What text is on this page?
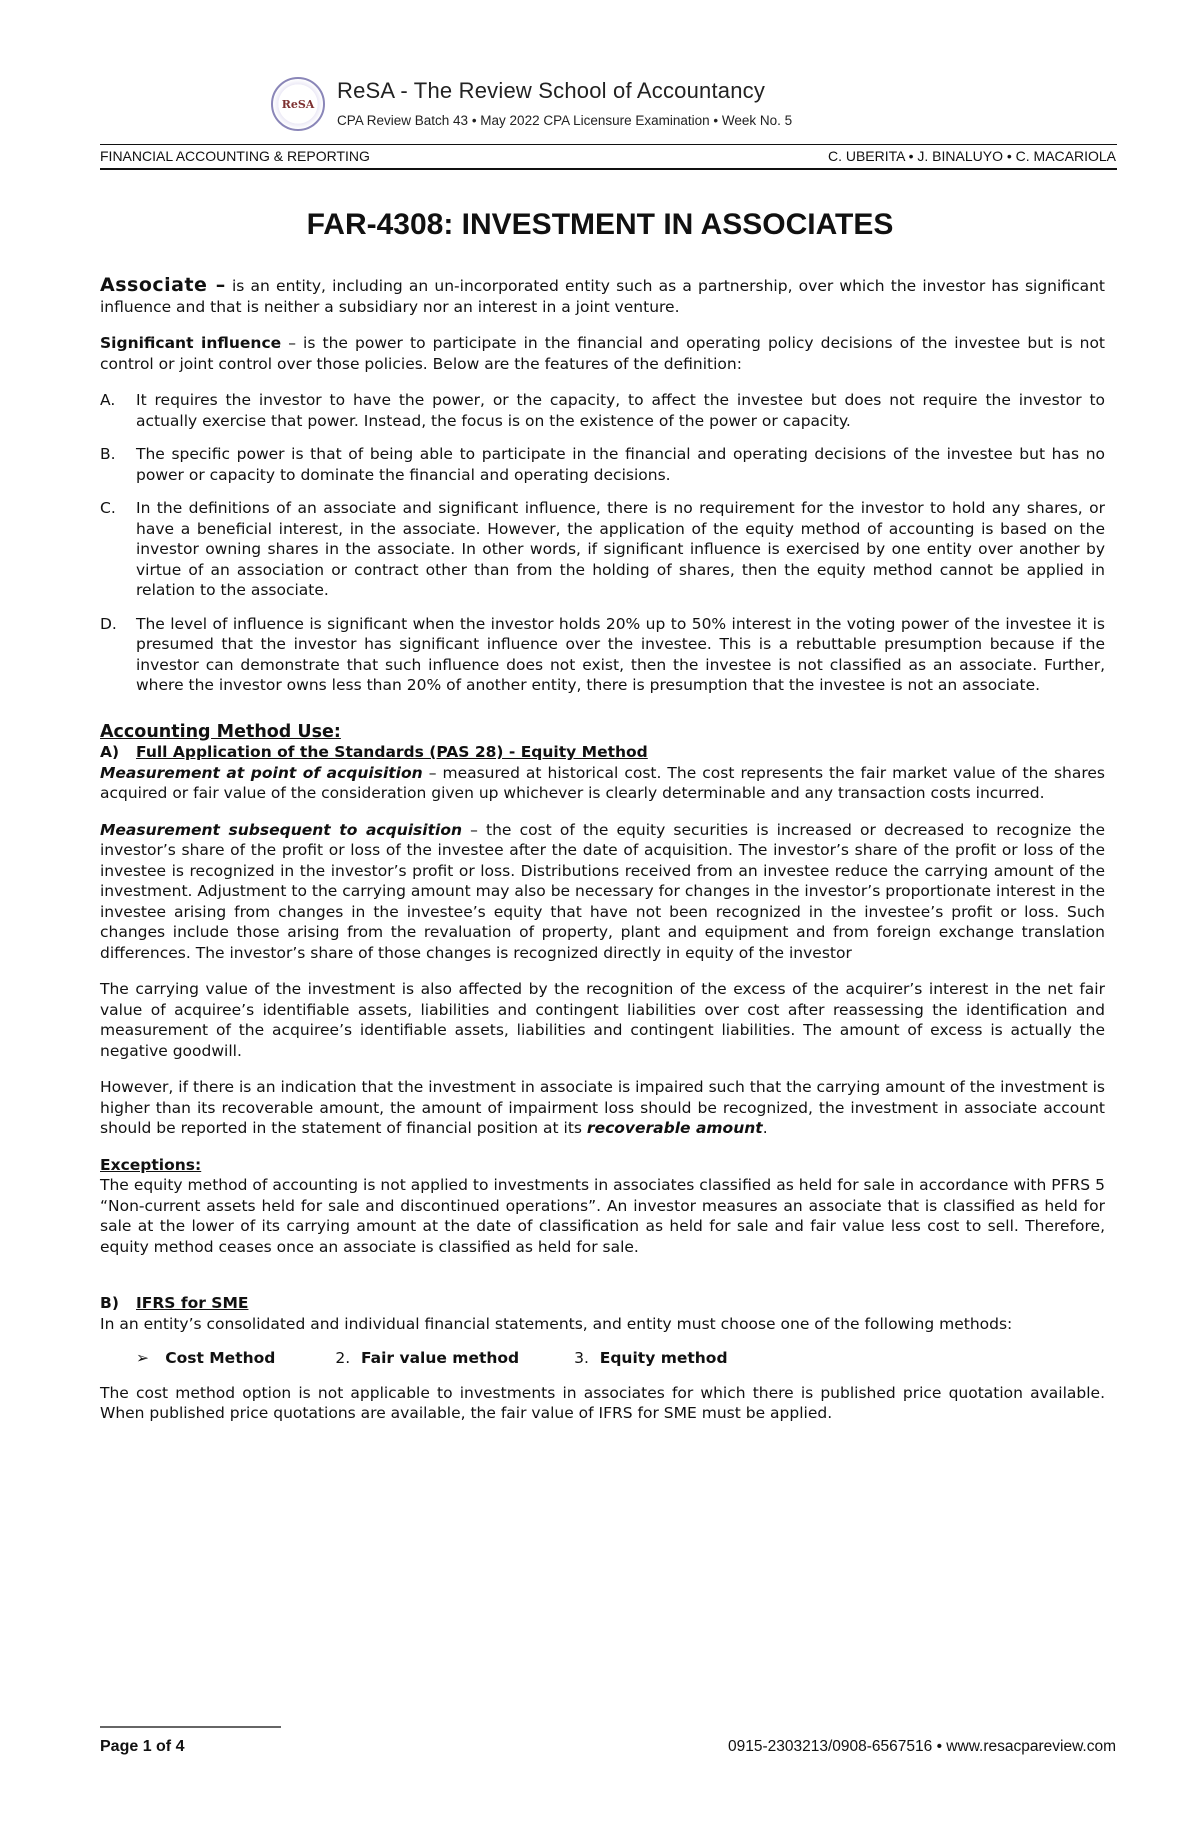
ReSA
ReSA - The Review School of Accountancy
CPA Review Batch 43 • May 2022 CPA Licensure Examination • Week No. 5
FINANCIAL ACCOUNTING & REPORTING	C. UBERITA • J. BINALUYO • C. MACARIOLA
FAR-4308: INVESTMENT IN ASSOCIATES

Associate – is an entity, including an un-incorporated entity such as a partnership, over which the investor has significant influence and that is neither a subsidiary nor an interest in a joint venture.

Significant influence – is the power to participate in the financial and operating policy decisions of the investee but is not control or joint control over those policies. Below are the features of the definition:

A.	It requires the investor to have the power, or the capacity, to affect the investee but does not require the investor to actually exercise that power. Instead, the focus is on the existence of the power or capacity.
B.	The specific power is that of being able to participate in the financial and operating decisions of the investee but has no power or capacity to dominate the financial and operating decisions.
C.	In the definitions of an associate and significant influence, there is no requirement for the investor to hold any shares, or have a beneficial interest, in the associate. However, the application of the equity method of accounting is based on the investor owning shares in the associate. In other words, if significant influence is exercised by one entity over another by virtue of an association or contract other than from the holding of shares, then the equity method cannot be applied in relation to the associate.
D.	The level of influence is significant when the investor holds 20% up to 50% interest in the voting power of the investee it is presumed that the investor has significant influence over the investee. This is a rebuttable presumption because if the investor can demonstrate that such influence does not exist, then the investee is not classified as an associate. Further, where the investor owns less than 20% of another entity, there is presumption that the investee is not an associate.
Accounting Method Use:
A)	Full Application of the Standards (PAS 28) - Equity Method

Measurement at point of acquisition – measured at historical cost. The cost represents the fair market value of the shares acquired or fair value of the consideration given up whichever is clearly determinable and any transaction costs incurred.

Measurement subsequent to acquisition – the cost of the equity securities is increased or decreased to recognize the investor’s share of the profit or loss of the investee after the date of acquisition. The investor’s share of the profit or loss of the investee is recognized in the investor’s profit or loss. Distributions received from an investee reduce the carrying amount of the investment. Adjustment to the carrying amount may also be necessary for changes in the investor’s proportionate interest in the investee arising from changes in the investee’s equity that have not been recognized in the investee’s profit or loss. Such changes include those arising from the revaluation of property, plant and equipment and from foreign exchange translation differences. The investor’s share of those changes is recognized directly in equity of the investor

The carrying value of the investment is also affected by the recognition of the excess of the acquirer’s interest in the net fair value of acquiree’s identifiable assets, liabilities and contingent liabilities over cost after reassessing the identification and measurement of the acquiree’s identifiable assets, liabilities and contingent liabilities. The amount of excess is actually the negative goodwill.

However, if there is an indication that the investment in associate is impaired such that the carrying amount of the investment is higher than its recoverable amount, the amount of impairment loss should be recognized, the investment in associate account should be reported in the statement of financial position at its recoverable amount.

Exceptions:

The equity method of accounting is not applied to investments in associates classified as held for sale in accordance with PFRS 5 “Non-current assets held for sale and discontinued operations”. An investor measures an associate that is classified as held for sale at the lower of its carrying amount at the date of classification as held for sale and fair value less cost to sell. Therefore, equity method ceases once an associate is classified as held for sale.

B)	IFRS for SME

In an entity’s consolidated and individual financial statements, and entity must choose one of the following methods:

➢ Cost Method	2. Fair value method	3. Equity method

The cost method option is not applicable to investments in associates for which there is published price quotation available. When published price quotations are available, the fair value of IFRS for SME must be applied.

Page 1 of 4	0915-2303213/0908-6567516 • www.resacpareview.com
